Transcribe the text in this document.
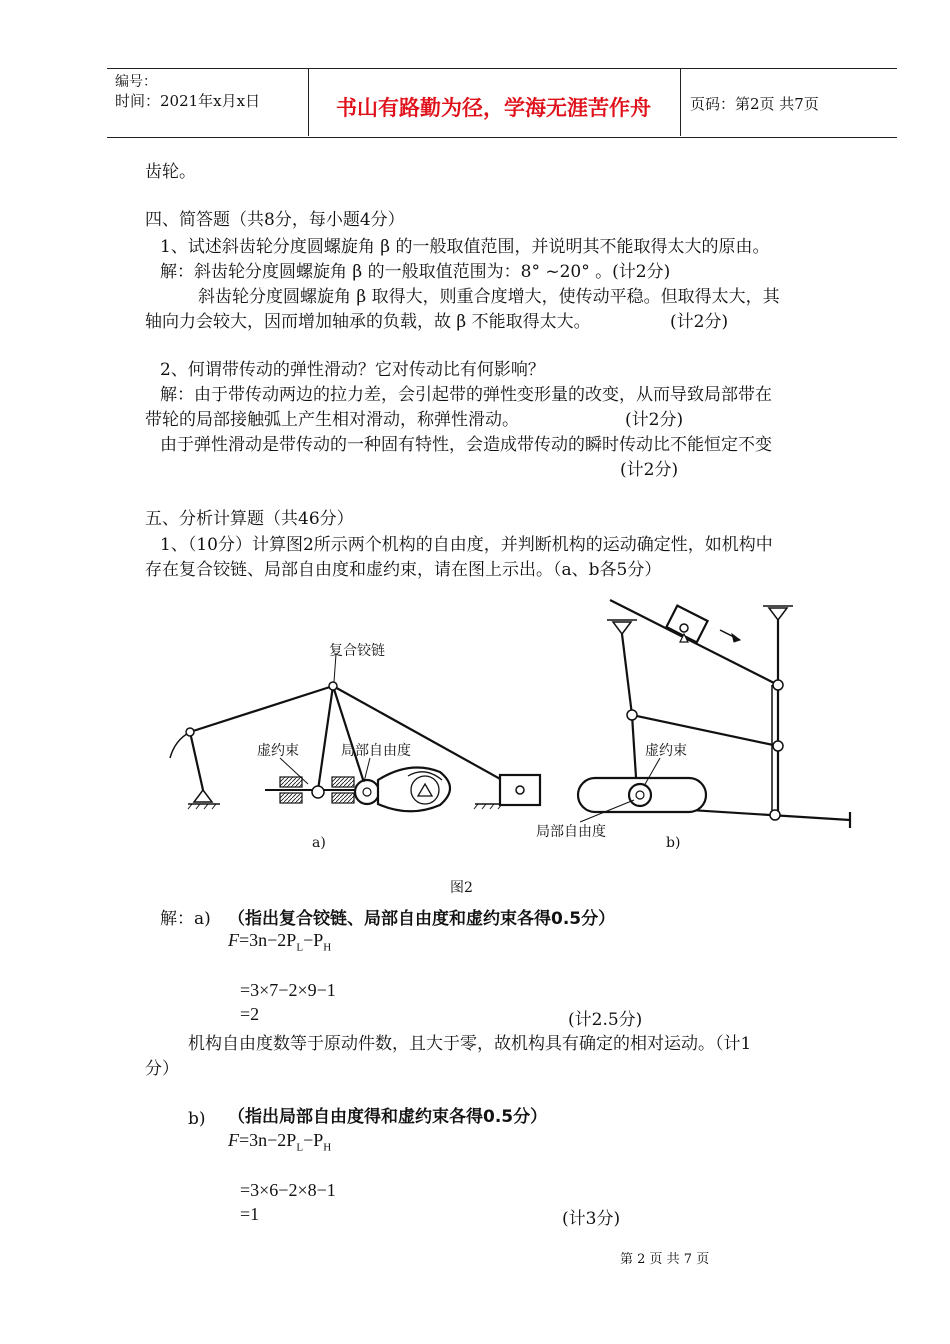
编号：
时间：2021年x月x日	书山有路勤为径，学海无涯苦作舟	页码：第2页 共7页
齿轮。
四、简答题（共8分，每小题4分）
1、试述斜齿轮分度圆螺旋角 β 的一般取值范围，并说明其不能取得太大的原由。
解：斜齿轮分度圆螺旋角 β 的一般取值范围为：8° ~20° 。(计2分)
斜齿轮分度圆螺旋角 β 取得大，则重合度增大，使传动平稳。但取得太大，其
轴向力会较大，因而增加轴承的负载，故 β 不能取得太大。	(计2分)
2、何谓带传动的弹性滑动？它对传动比有何影响？
解：由于带传动两边的拉力差，会引起带的弹性变形量的改变，从而导致局部带在
带轮的局部接触弧上产生相对滑动，称弹性滑动。	(计2分)
由于弹性滑动是带传动的一种固有特性，会造成带传动的瞬时传动比不能恒定不变
(计2分)
五、分析计算题（共46分）
1、（10分）计算图2所示两个机构的自由度，并判断机构的运动确定性，如机构中
存在复合铰链、局部自由度和虚约束，请在图上示出。（a、b各5分）
复合铰链
虚约束	局部自由度	虚约束
局部自由度
a)	b)
图2
解：a) （指出复合铰链、局部自由度和虚约束各得0.5分）
$F=3n-2P_L-P_H$
=3×7−2×9−1
=2	(计2.5分)
机构自由度数等于原动件数，且大于零，故机构具有确定的相对运动。（计1
分）
b) （指出局部自由度得和虚约束各得0.5分）
$F=3n-2P_L-P_H$
=3×6−2×8−1
=1	(计3分)
第 2 页 共 7 页
